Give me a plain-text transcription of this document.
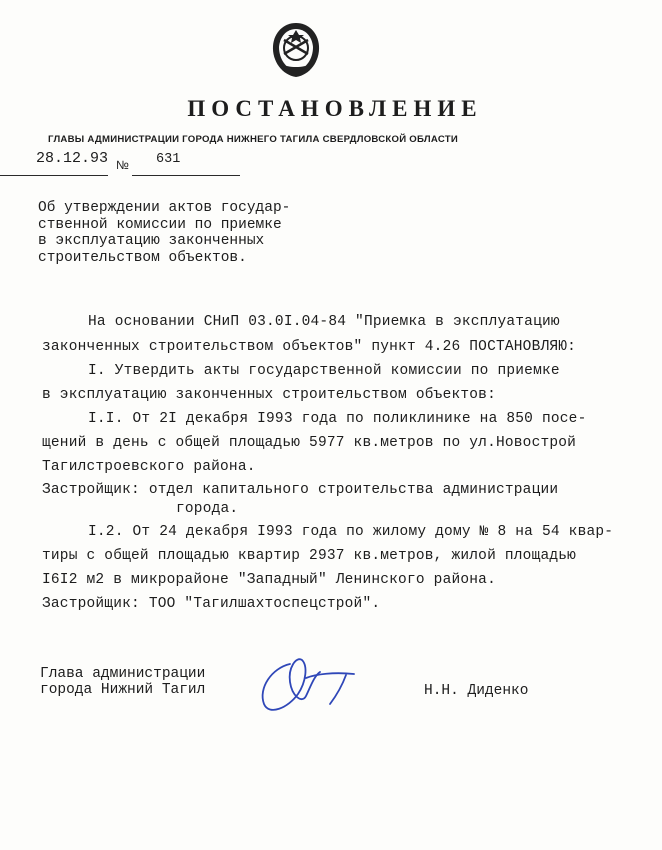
ПОСТАНОВЛЕНИЕ
ГЛАВЫ АДМИНИСТРАЦИИ ГОРОДА НИЖНЕГО ТАГИЛА СВЕРДЛОВСКОЙ ОБЛАСТИ
28.12.93 № 631
Об утверждении актов государ-
ственной комиссии по приемке
в эксплуатацию законченных
строительством объектов.
На основании СНиП 03.0I.04-84 "Приемка в эксплуатацию
законченных строительством объектов" пункт 4.26 ПОСТАНОВЛЯЮ:
I. Утвердить акты государственной комиссии по приемке
в эксплуатацию законченных строительством объектов:
I.I. От 2I декабря I993 года по поликлинике на 850 посе-
щений в день с общей площадью 5977 кв.метров по ул.Новострой
Тагилстроевского района.
Застройщик: отдел капитального строительства администрации
города.
I.2. От 24 декабря I993 года по жилому дому № 8 на 54 квар-
тиры с общей площадью квартир 2937 кв.метров, жилой площадью
I6I2 м2 в микрорайоне "Западный" Ленинского района.
Застройщик: ТОО "Тагилшахтоспецстрой".
Глава администрации
города Нижний Тагил	Н.Н. Диденко
